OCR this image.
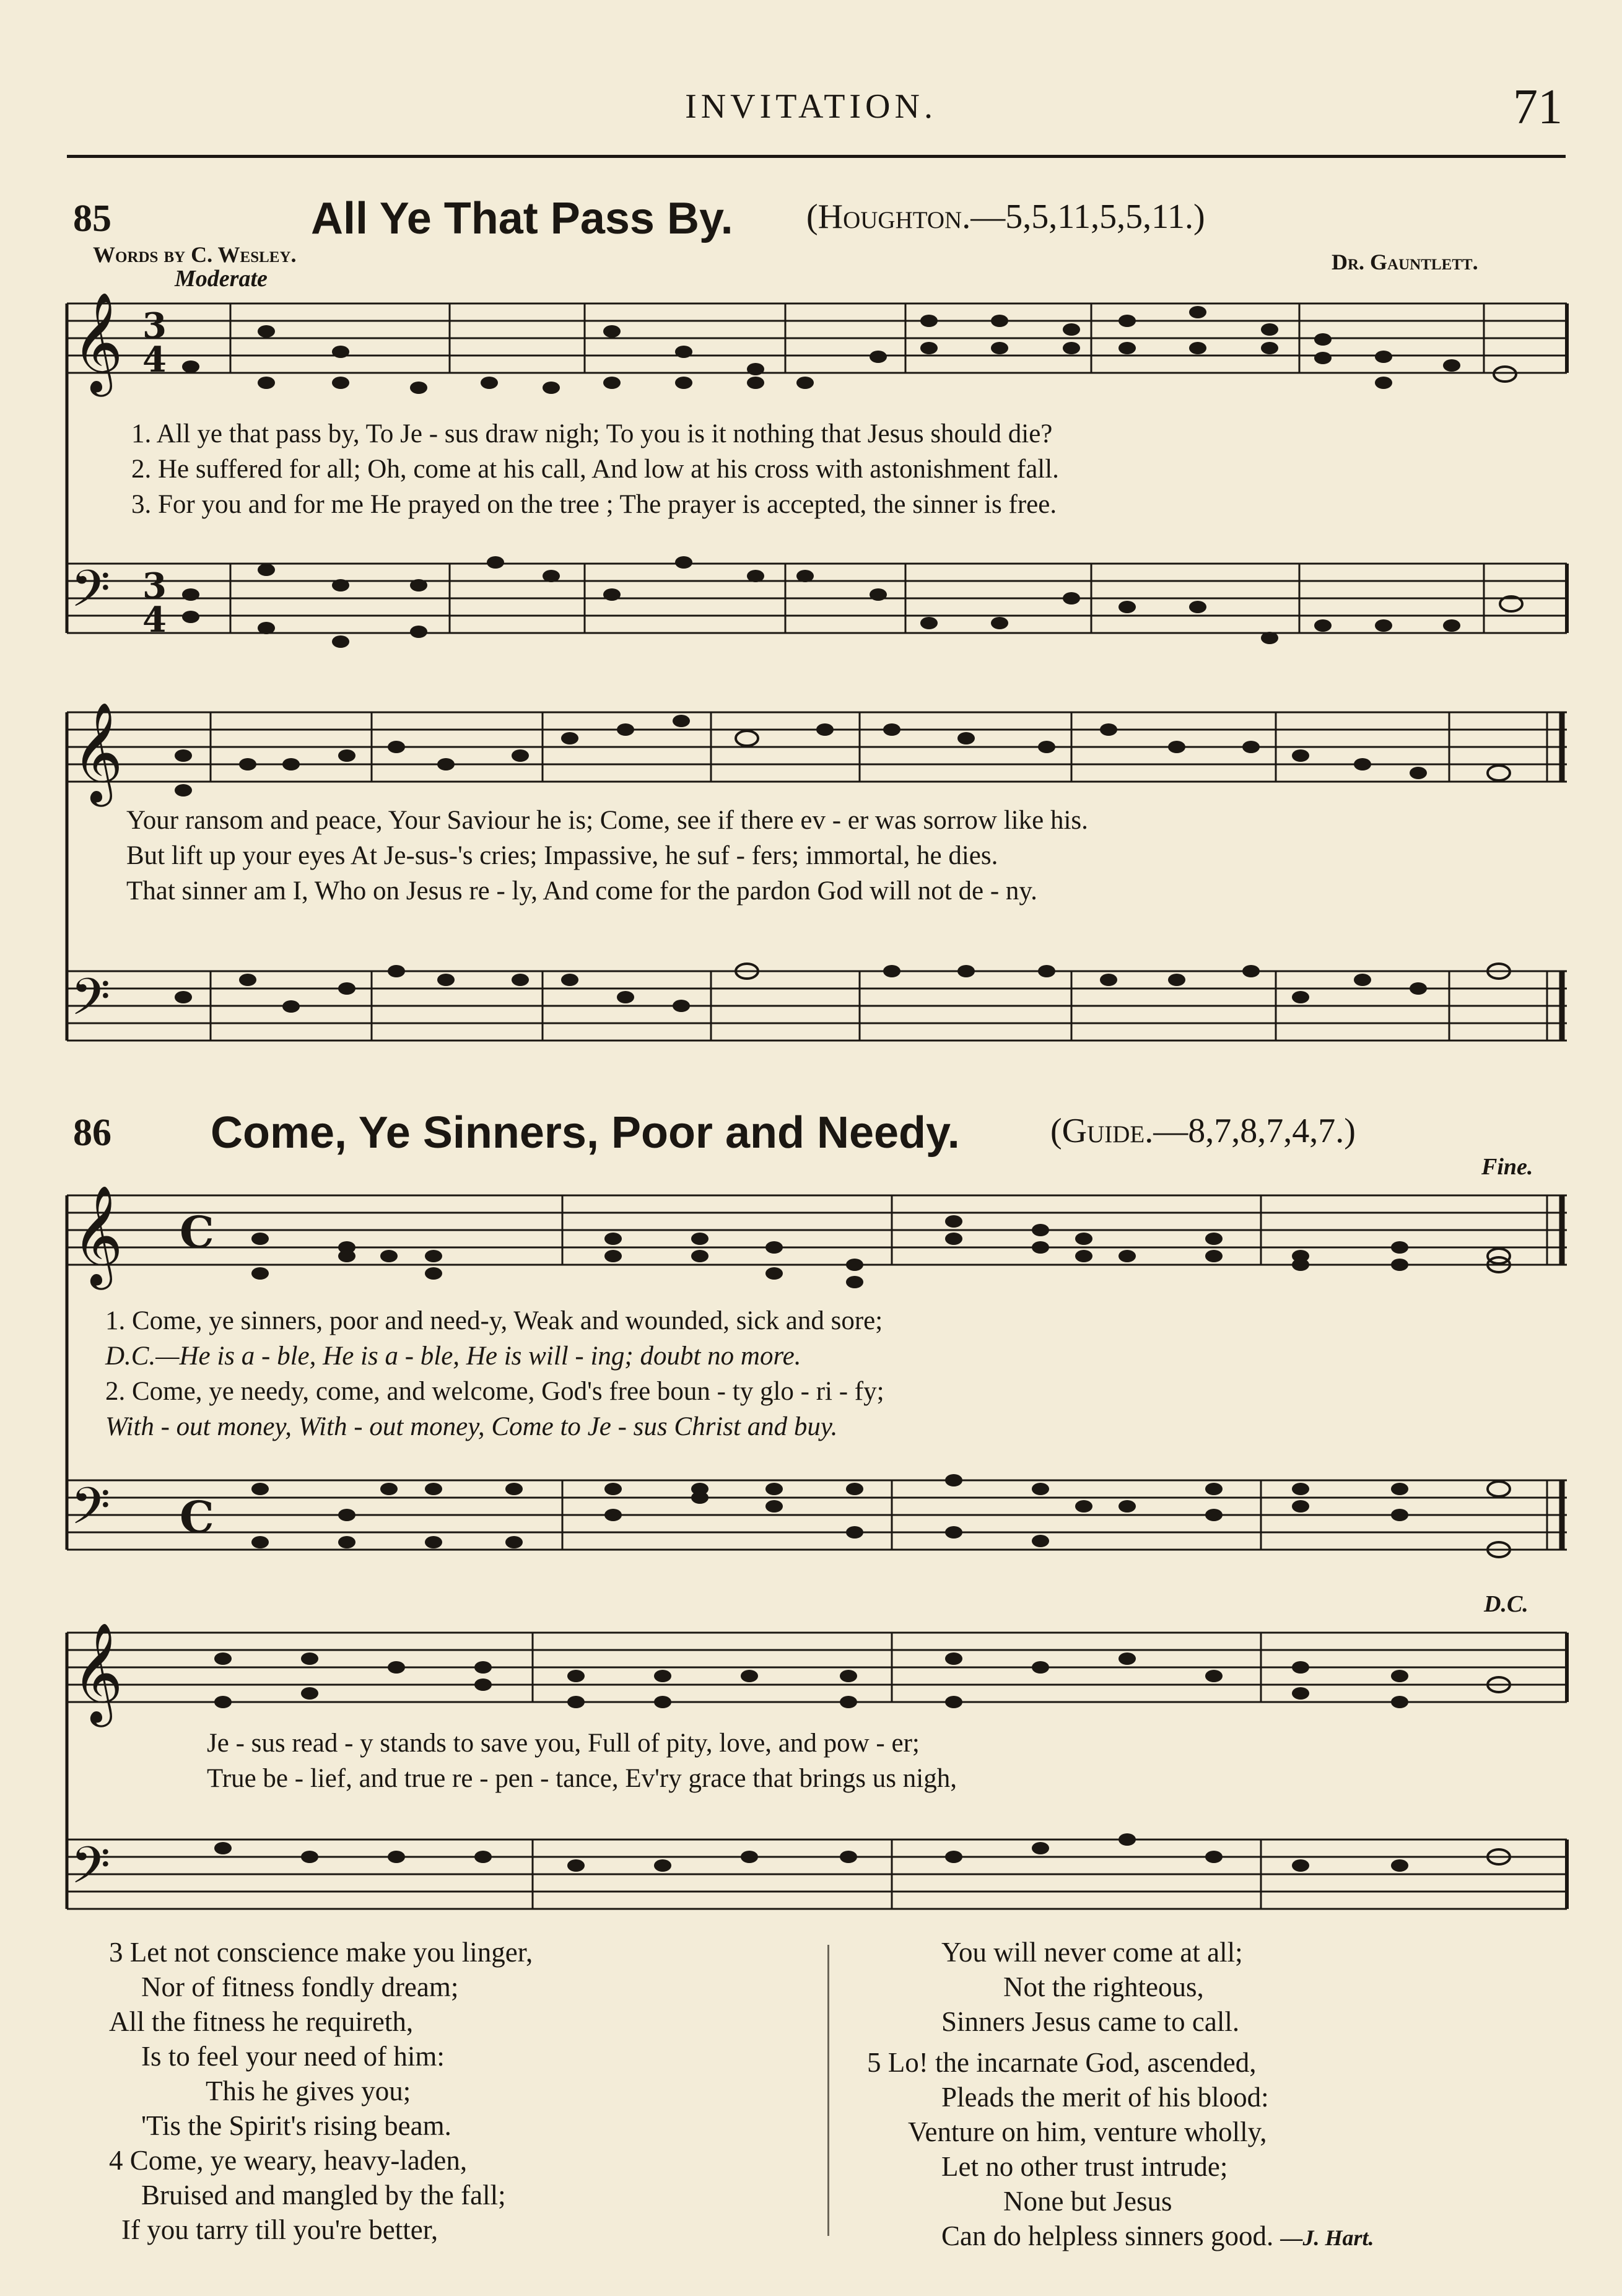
INVITATION.	71
85	All Ye That Pass By. (Houghton.—5,5,11,5,5,11.)
Words by C. Wesley.	Dr. Gauntlett.
Moderate
𝄞
𝄢
3
4
3
4
𝄞
𝄢
𝄞
𝄢
C
C
𝄞
𝄢
1. All ye that pass by, To Je - sus draw nigh; To you is it nothing that Jesus should die?
2. He suffered for all; Oh, come at his call, And low at his cross with astonishment fall.
3. For you and for me He prayed on the tree ; The prayer is accepted, the sinner is free.
Your ransom and peace, Your Saviour he is; Come, see if there ev - er was sorrow like his.
But lift up your eyes At Je-sus-'s cries; Impassive, he suf - fers; immortal, he dies.
That sinner am I, Who on Jesus re - ly, And come for the pardon God will not de - ny.
86 Come, Ye Sinners, Poor and Needy.	(Guide.—8,7,8,7,4,7.)
Fine.
D.C.
1. Come, ye sinners, poor and need-y, Weak and wounded, sick and sore;
D.C.—He is a - ble, He is a - ble, He is will - ing; doubt no more.
2. Come, ye needy, come, and welcome, God's free boun - ty glo - ri - fy;
With - out money, With - out money, Come to Je - sus Christ and buy.
Je - sus read - y stands to save you, Full of pity, love, and pow - er;
True be - lief, and true re - pen - tance, Ev'ry grace that brings us nigh,
3 Let not conscience make you linger,
Nor of fitness fondly dream;
All the fitness he requireth,
Is to feel your need of him:
This he gives you;
'Tis the Spirit's rising beam.
4 Come, ye weary, heavy-laden,
Bruised and mangled by the fall;
If you tarry till you're better,
You will never come at all;
Not the righteous,
Sinners Jesus came to call.
5 Lo! the incarnate God, ascended,
Pleads the merit of his blood:
Venture on him, venture wholly,
Let no other trust intrude;
None but Jesus
Can do helpless sinners good. —J. Hart.
